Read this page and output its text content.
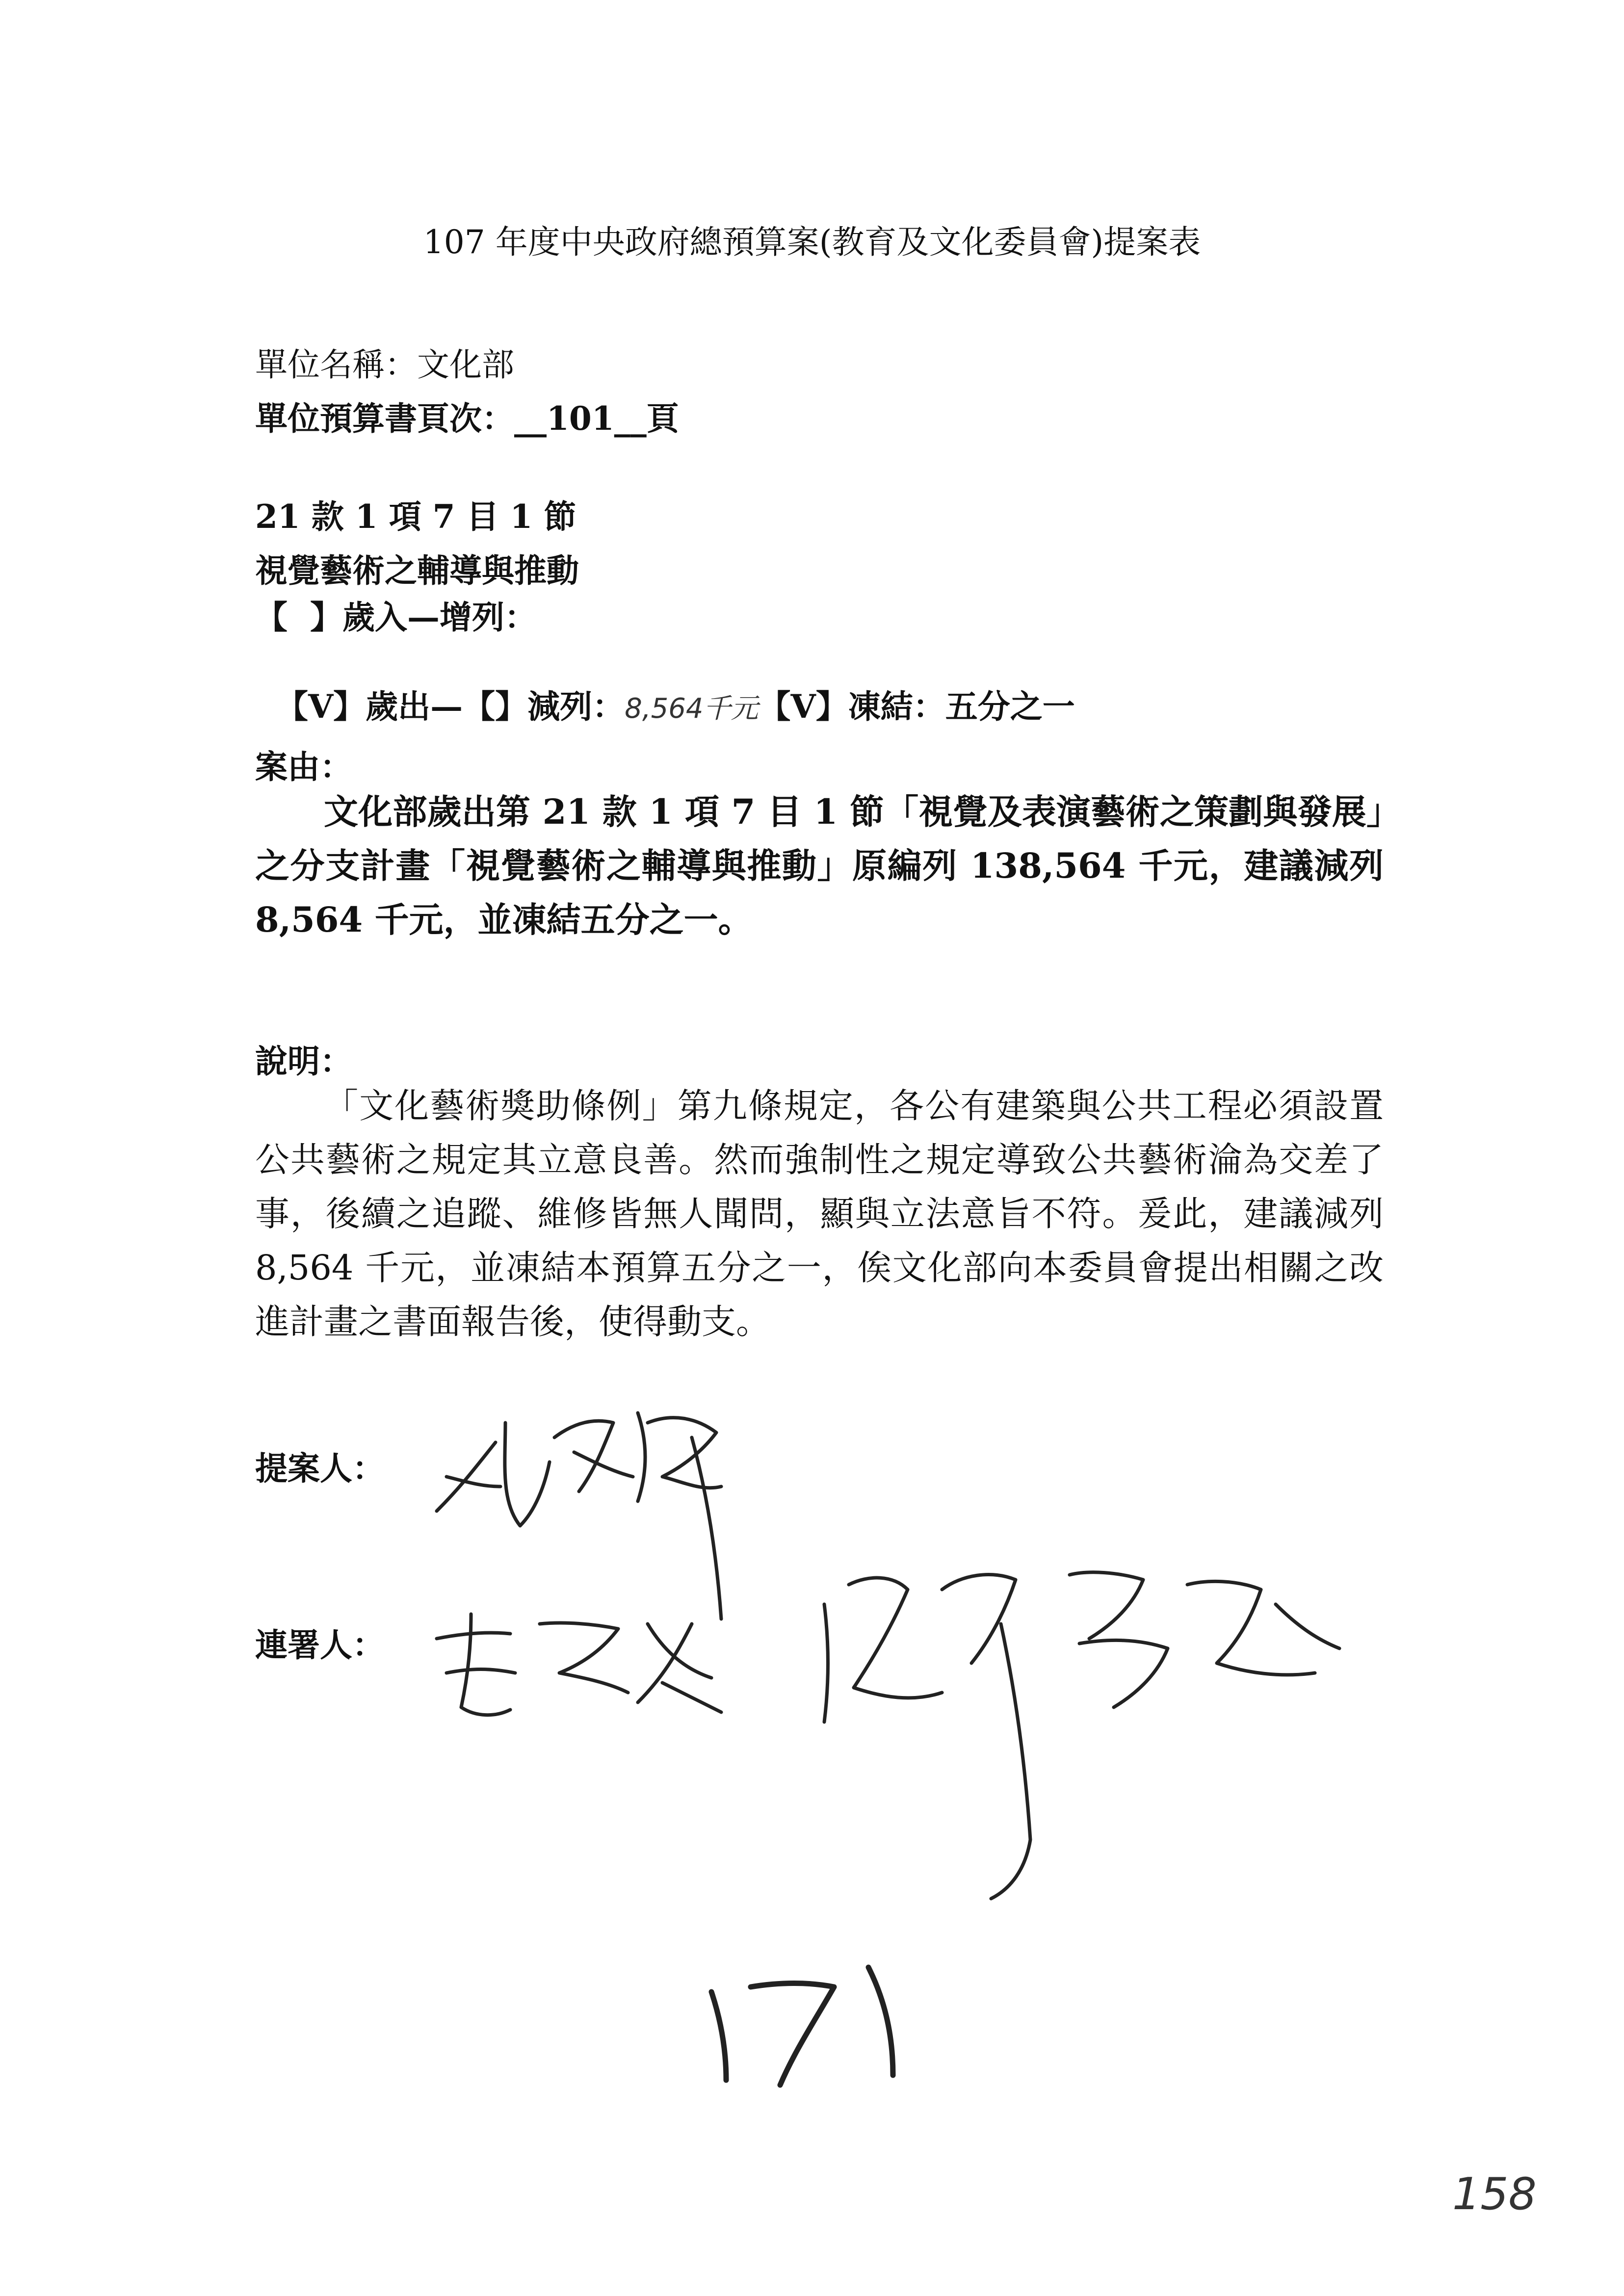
107 年度中央政府總預算案(教育及文化委員會)提案表
單位名稱：文化部
單位預算書頁次：__101__頁
21 款 1 項 7 目 1 節
視覺藝術之輔導與推動
【  】歲入—增列：

【V】歲出—【】減列：8,564千元【V】凍結：五分之一

案由：
文化部歲出第 21 款 1 項 7 目 1 節「視覺及表演藝術之策劃與發展」之分支計畫「視覺藝術之輔導與推動」原編列 138,564 千元，建議減列 8,564 千元，並凍結五分之一。
說明：
「文化藝術獎助條例」第九條規定，各公有建築與公共工程必須設置公共藝術之規定其立意良善。然而強制性之規定導致公共藝術淪為交差了事，後續之追蹤、維修皆無人聞問，顯與立法意旨不符。爰此，建議減列 8,564 千元，並凍結本預算五分之一，俟文化部向本委員會提出相關之改進計畫之書面報告後，使得動支。
提案人：
連署人：
158
